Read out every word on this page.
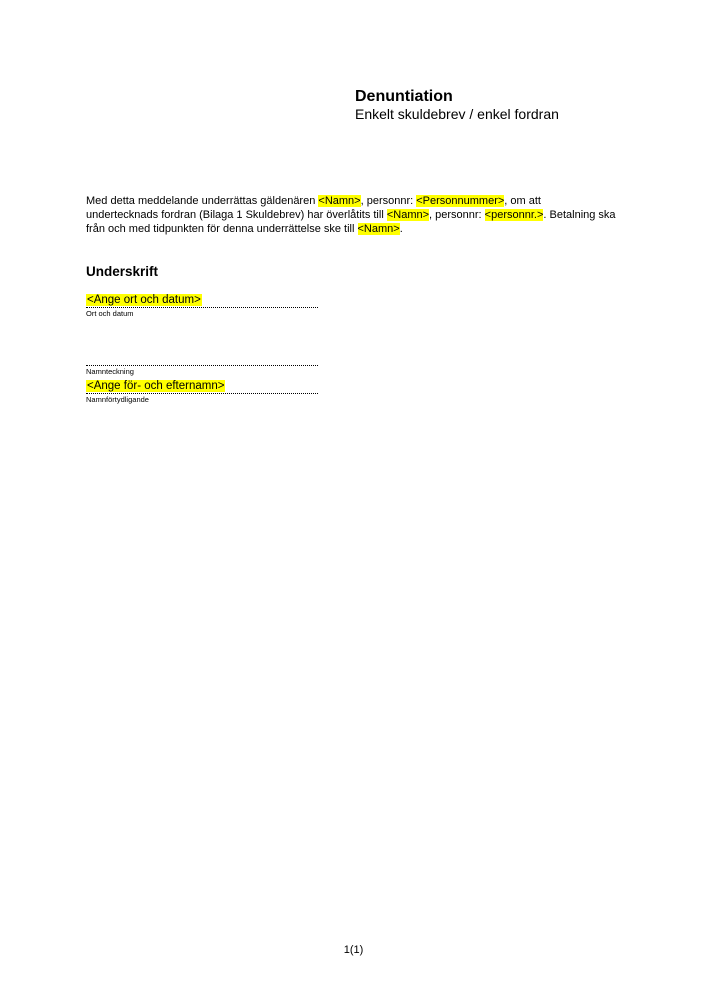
Denuntiation
Enkelt skuldebrev / enkel fordran
Med detta meddelande underrättas gäldenären <Namn>, personnr: <Personnummer>, om att undertecknads fordran (Bilaga 1 Skuldebrev) har överlåtits till <Namn>, personnr: <personnr.>. Betalning ska från och med tidpunkten för denna underrättelse ske till <Namn>.
Underskrift
<Ange ort och datum>
Ort och datum
Namnteckning
<Ange för- och efternamn>
Namnförtydligande
1(1)
